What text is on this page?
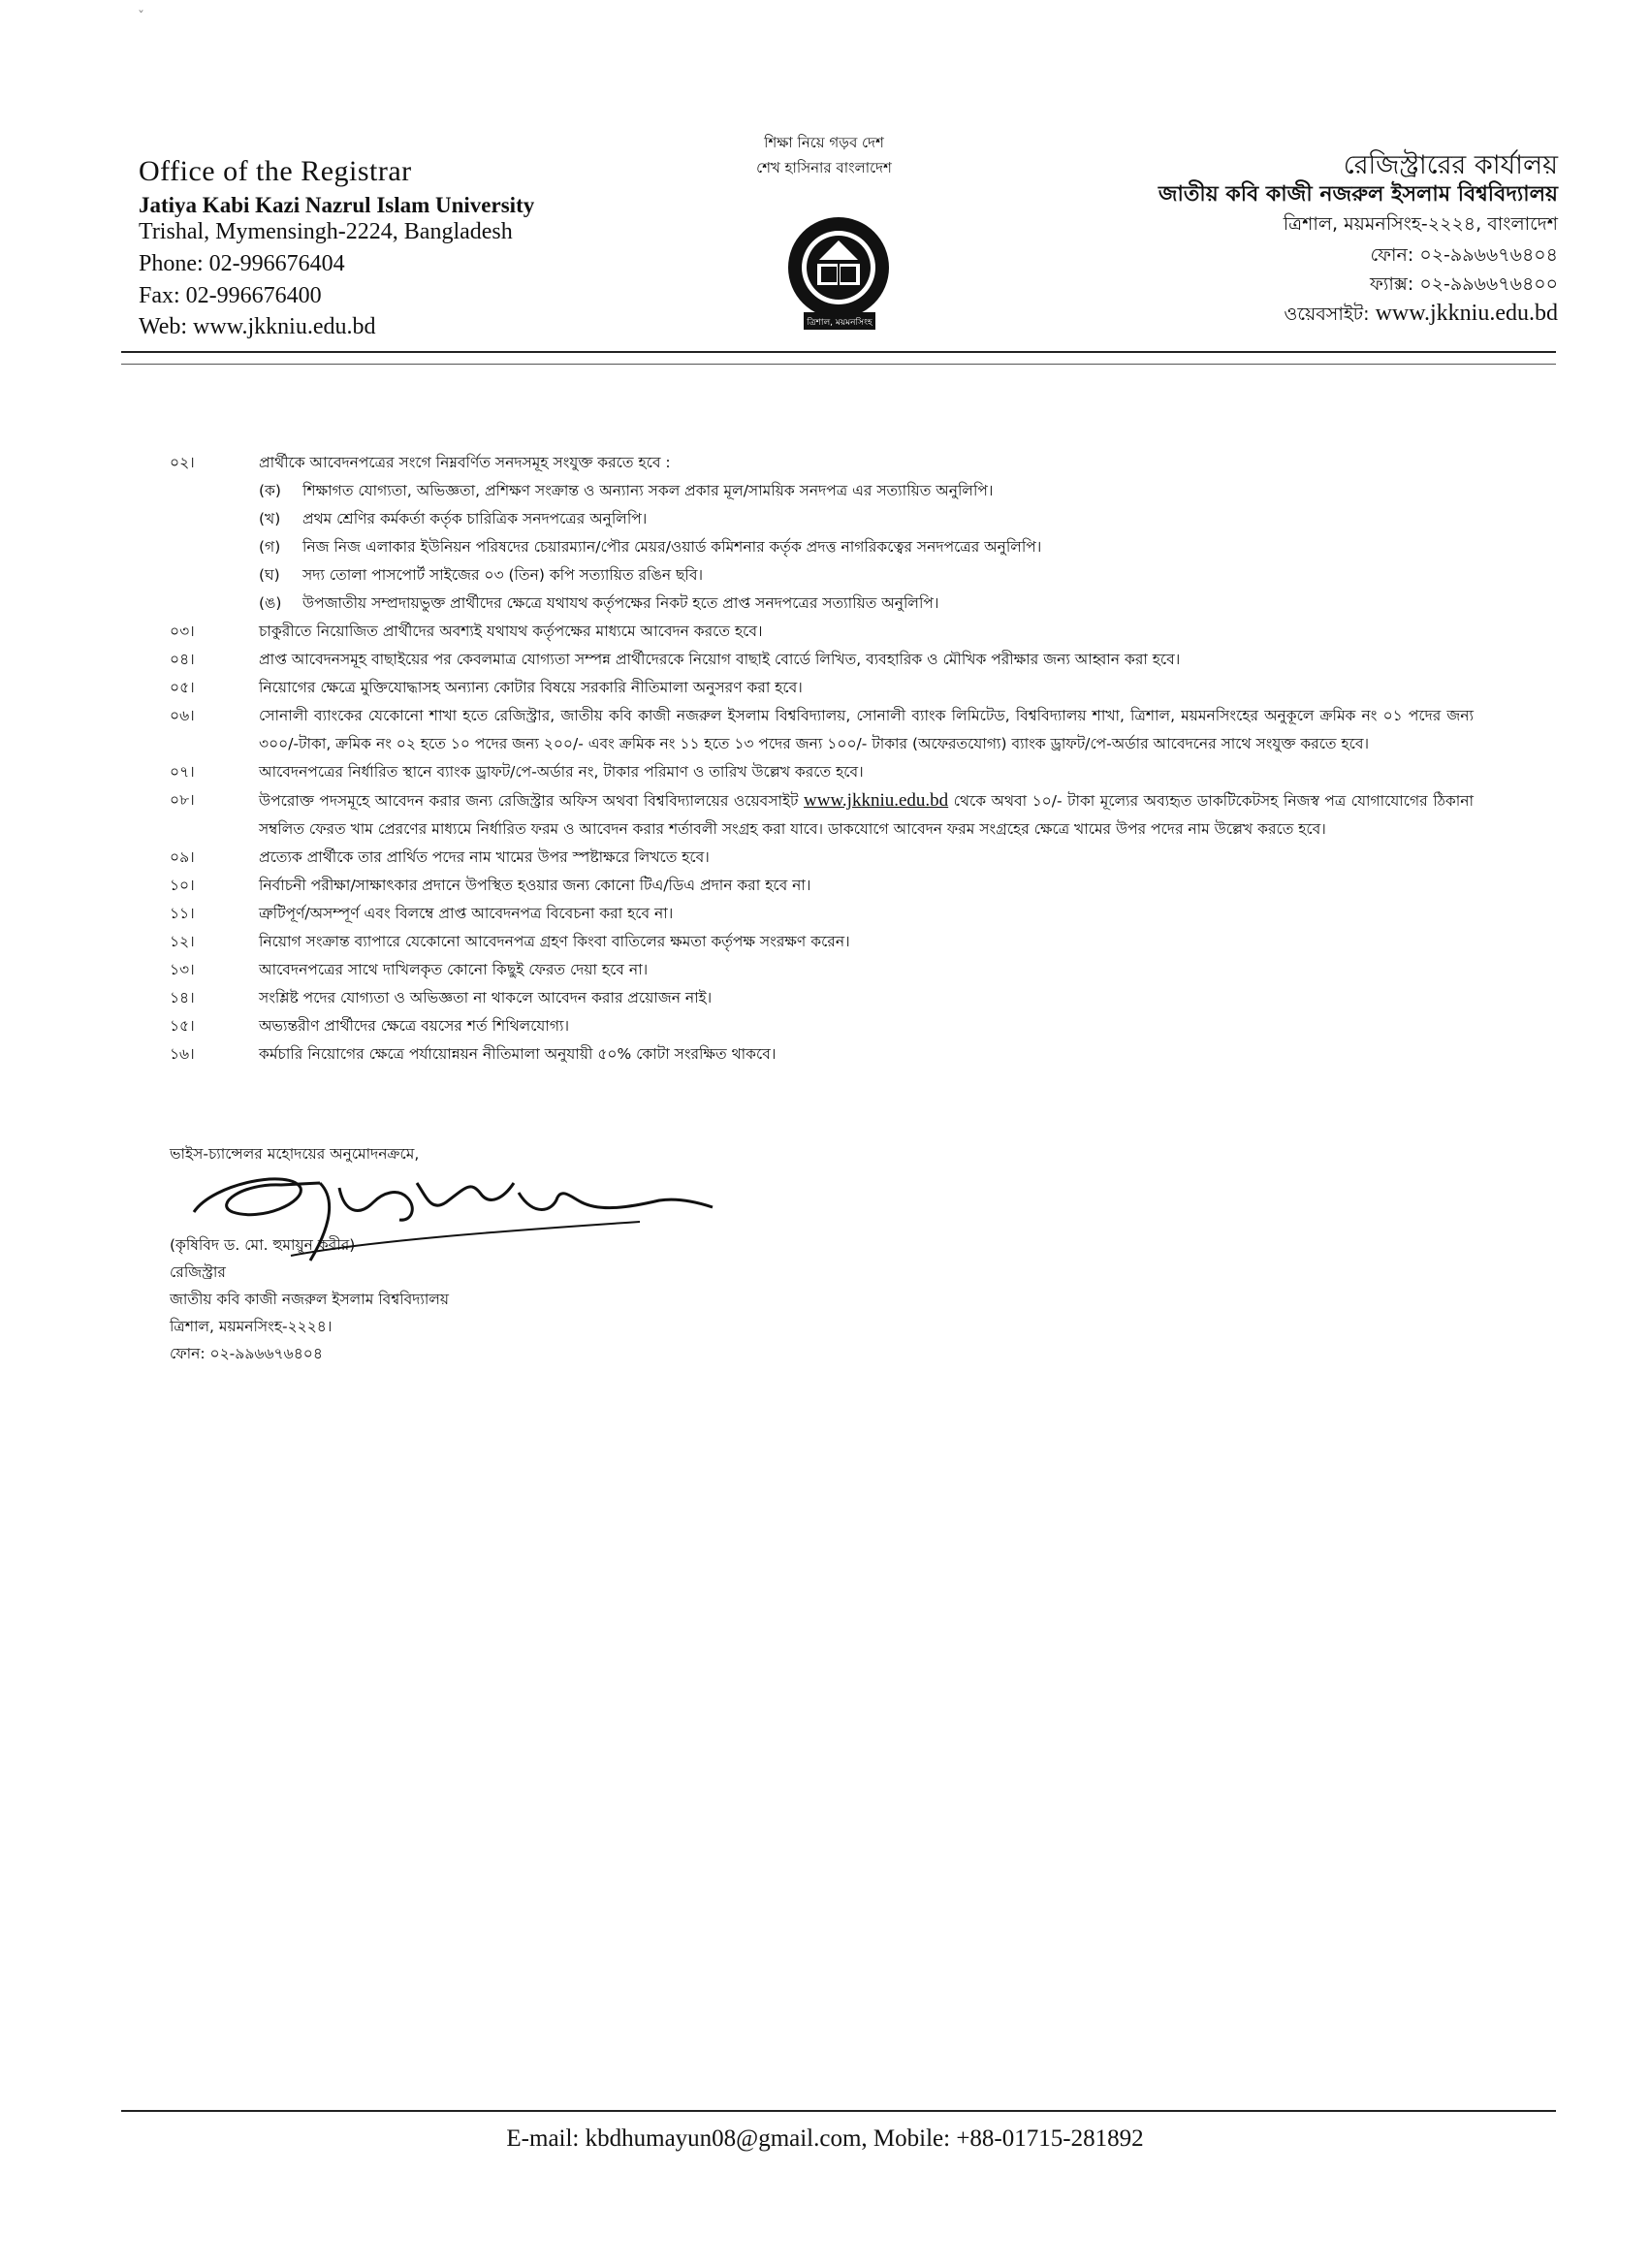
ˇ
Office of the Registrar
Jatiya Kabi Kazi Nazrul Islam University
Trishal, Mymensingh-2224, Bangladesh
Phone: 02-996676404
Fax: 02-996676400
Web: www.jkkniu.edu.bd
শিক্ষা নিয়ে গড়ব দেশ
শেখ হাসিনার বাংলাদেশ
ত্রিশাল, ময়মনসিংহ
রেজিস্ট্রারের কার্যালয়
জাতীয় কবি কাজী নজরুল ইসলাম বিশ্ববিদ্যালয়
ত্রিশাল, ময়মনসিংহ-২২২৪, বাংলাদেশ
ফোন: ০২-৯৯৬৬৭৬৪০৪
ফ্যাক্স: ০২-৯৯৬৬৭৬৪০০
ওয়েবসাইট: www.jkkniu.edu.bd
০২।	প্রার্থীকে আবেদনপত্রের সংগে নিম্নবর্ণিত সনদসমূহ সংযুক্ত করতে হবে :
(ক)	শিক্ষাগত যোগ্যতা, অভিজ্ঞতা, প্রশিক্ষণ সংক্রান্ত ও অন্যান্য সকল প্রকার মূল/সাময়িক সনদপত্র এর সত্যায়িত অনুলিপি।
(খ)	প্রথম শ্রেণির কর্মকর্তা কর্তৃক চারিত্রিক সনদপত্রের অনুলিপি।
(গ)	নিজ নিজ এলাকার ইউনিয়ন পরিষদের চেয়ারম্যান/পৌর মেয়র/ওয়ার্ড কমিশনার কর্তৃক প্রদত্ত নাগরিকত্বের সনদপত্রের অনুলিপি।
(ঘ)	সদ্য তোলা পাসপোর্ট সাইজের ০৩ (তিন) কপি সত্যায়িত রঙিন ছবি।
(ঙ)	উপজাতীয় সম্প্রদায়ভুক্ত প্রার্থীদের ক্ষেত্রে যথাযথ কর্তৃপক্ষের নিকট হতে প্রাপ্ত সনদপত্রের সত্যায়িত অনুলিপি।
০৩।	চাকুরীতে নিয়োজিত প্রার্থীদের অবশ্যই যথাযথ কর্তৃপক্ষের মাধ্যমে আবেদন করতে হবে।
০৪।	প্রাপ্ত আবেদনসমূহ বাছাইয়ের পর কেবলমাত্র যোগ্যতা সম্পন্ন প্রার্থীদেরকে নিয়োগ বাছাই বোর্ডে লিখিত, ব্যবহারিক ও মৌখিক পরীক্ষার জন্য আহ্বান করা হবে।
০৫।	নিয়োগের ক্ষেত্রে মুক্তিযোদ্ধাসহ অন্যান্য কোটার বিষয়ে সরকারি নীতিমালা অনুসরণ করা হবে।
০৬।	সোনালী ব্যাংকের যেকোনো শাখা হতে রেজিস্ট্রার, জাতীয় কবি কাজী নজরুল ইসলাম বিশ্ববিদ্যালয়, সোনালী ব্যাংক লিমিটেড, বিশ্ববিদ্যালয় শাখা, ত্রিশাল, ময়মনসিংহের অনুকূলে ক্রমিক নং ০১ পদের জন্য ৩০০/-টাকা, ক্রমিক নং ০২ হতে ১০ পদের জন্য ২০০/- এবং ক্রমিক নং ১১ হতে ১৩ পদের জন্য ১০০/- টাকার (অফেরতযোগ্য) ব্যাংক ড্রাফট/পে-অর্ডার আবেদনের সাথে সংযুক্ত করতে হবে।
০৭।	আবেদনপত্রের নির্ধারিত স্থানে ব্যাংক ড্রাফট/পে-অর্ডার নং, টাকার পরিমাণ ও তারিখ উল্লেখ করতে হবে।
০৮।	উপরোক্ত পদসমূহে আবেদন করার জন্য রেজিস্ট্রার অফিস অথবা বিশ্ববিদ্যালয়ের ওয়েবসাইট www.jkkniu.edu.bd থেকে অথবা ১০/- টাকা মূল্যের অব্যহৃত ডাকটিকেটসহ নিজস্ব পত্র যোগাযোগের ঠিকানা সম্বলিত ফেরত খাম প্রেরণের মাধ্যমে নির্ধারিত ফরম ও আবেদন করার শর্তাবলী সংগ্রহ করা যাবে। ডাকযোগে আবেদন ফরম সংগ্রহের ক্ষেত্রে খামের উপর পদের নাম উল্লেখ করতে হবে।
০৯।	প্রত্যেক প্রার্থীকে তার প্রার্থিত পদের নাম খামের উপর স্পষ্টাক্ষরে লিখতে হবে।
১০।	নির্বাচনী পরীক্ষা/সাক্ষাৎকার প্রদানে উপস্থিত হওয়ার জন্য কোনো টিএ/ডিএ প্রদান করা হবে না।
১১।	ত্রুটিপূর্ণ/অসম্পূর্ণ এবং বিলম্বে প্রাপ্ত আবেদনপত্র বিবেচনা করা হবে না।
১২।	নিয়োগ সংক্রান্ত ব্যাপারে যেকোনো আবেদনপত্র গ্রহণ কিংবা বাতিলের ক্ষমতা কর্তৃপক্ষ সংরক্ষণ করেন।
১৩।	আবেদনপত্রের সাথে দাখিলকৃত কোনো কিছুই ফেরত দেয়া হবে না।
১৪।	সংশ্লিষ্ট পদের যোগ্যতা ও অভিজ্ঞতা না থাকলে আবেদন করার প্রয়োজন নাই।
১৫।	অভ্যন্তরীণ প্রার্থীদের ক্ষেত্রে বয়সের শর্ত শিথিলযোগ্য।
১৬।	কর্মচারি নিয়োগের ক্ষেত্রে পর্যায়োন্নয়ন নীতিমালা অনুযায়ী ৫০% কোটা সংরক্ষিত থাকবে।
ভাইস-চ্যান্সেলর মহোদয়ের অনুমোদনক্রমে,
(কৃষিবিদ ড. মো. হুমায়ুন কবীর)
রেজিস্ট্রার
জাতীয় কবি কাজী নজরুল ইসলাম বিশ্ববিদ্যালয়
ত্রিশাল, ময়মনসিংহ-২২২৪।
ফোন: ০২-৯৯৬৬৭৬৪০৪
E-mail: kbdhumayun08@gmail.com, Mobile: +88-01715-281892
